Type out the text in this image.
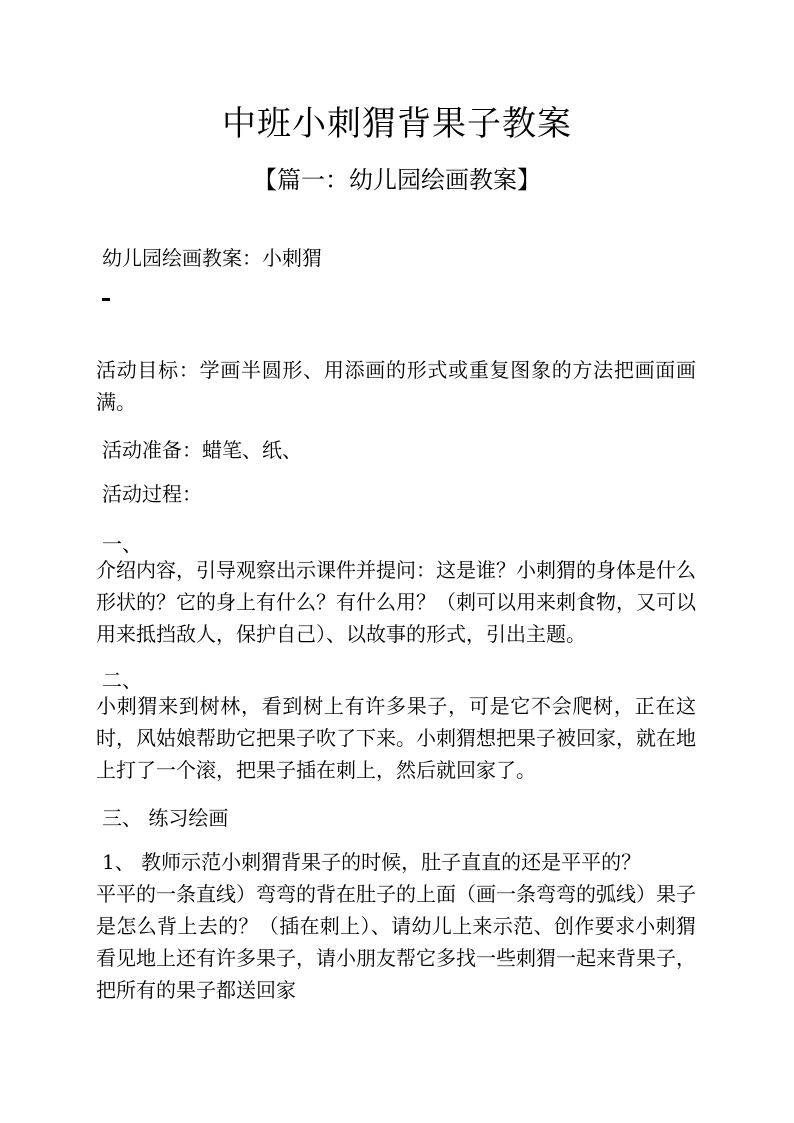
中班小刺猬背果子教案
【篇一：幼儿园绘画教案】
幼儿园绘画教案：小刺猬
活动目标：学画半圆形、用添画的形式或重复图象的方法把画面画满。
活动准备：蜡笔、纸、
活动过程：
一、
介绍内容，引导观察出示课件并提问：这是谁？小刺猬的身体是什么形状的？它的身上有什么？有什么用？（刺可以用来刺食物，又可以用来抵挡敌人，保护自己）、以故事的形式，引出主题。
二、
小刺猬来到树林，看到树上有许多果子，可是它不会爬树，正在这时，风姑娘帮助它把果子吹了下来。小刺猬想把果子被回家，就在地上打了一个滚，把果子插在刺上，然后就回家了。
三、 练习绘画
1、 教师示范小刺猬背果子的时候，肚子直直的还是平平的？
平平的一条直线）弯弯的背在肚子的上面（画一条弯弯的弧线）果子是怎么背上去的？（插在刺上）、请幼儿上来示范、创作要求小刺猬看见地上还有许多果子，请小朋友帮它多找一些刺猬一起来背果子，把所有的果子都送回家
